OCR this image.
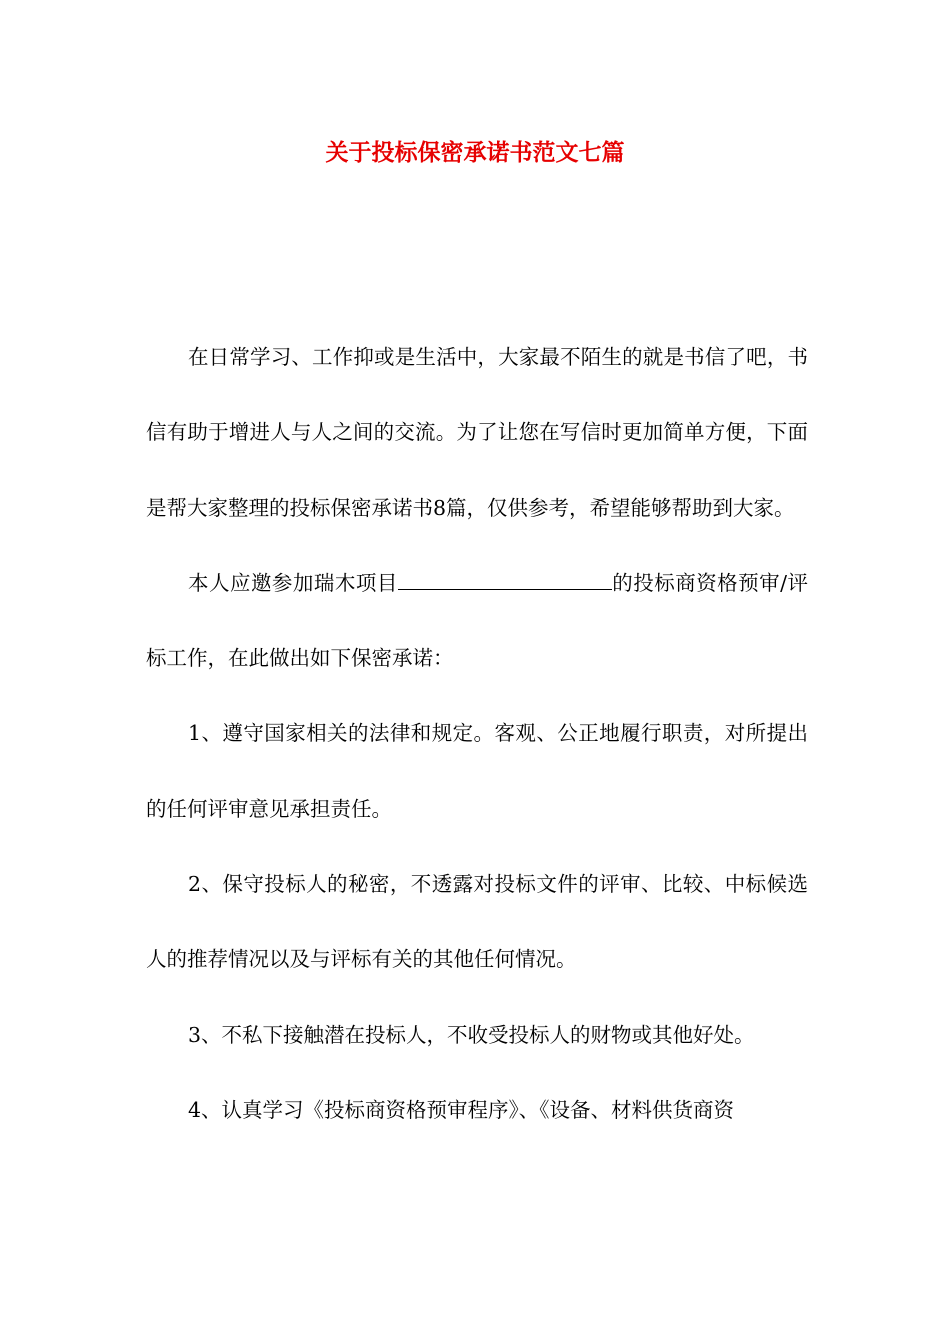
关于投标保密承诺书范文七篇

在日常学习、工作抑或是生活中，大家最不陌生的就是书信了吧，书信有助于增进人与人之间的交流。为了让您在写信时更加简单方便，下面是帮大家整理的投标保密承诺书8篇，仅供参考，希望能够帮助到大家。

本人应邀参加瑞木项目	的投标商资格预审/评标工作，在此做出如下保密承诺：

1、遵守国家相关的法律和规定。客观、公正地履行职责，对所提出的任何评审意见承担责任。

2、保守投标人的秘密，不透露对投标文件的评审、比较、中标候选人的推荐情况以及与评标有关的其他任何情况。

3、不私下接触潜在投标人，不收受投标人的财物或其他好处。

4、认真学习《投标商资格预审程序》、《设备、材料供货商资
